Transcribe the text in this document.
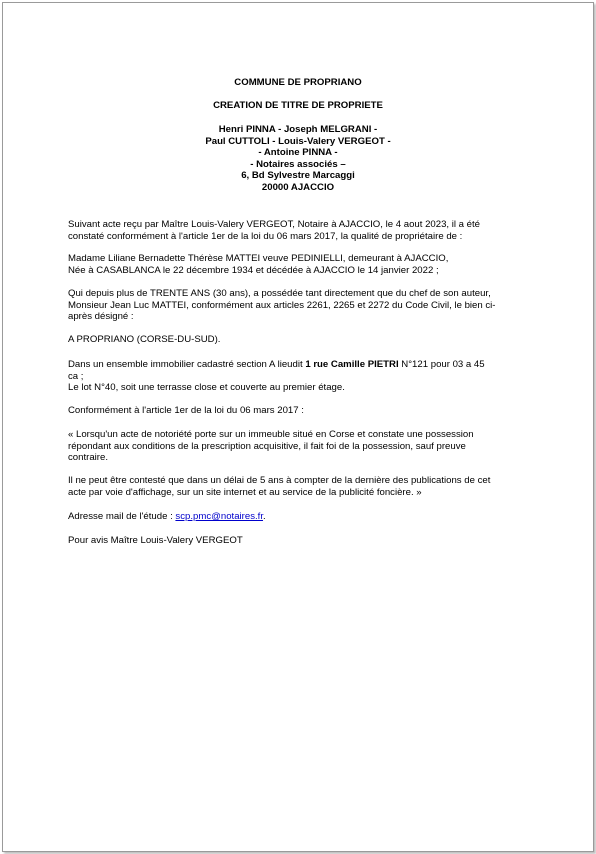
COMMUNE DE PROPRIANO
CREATION DE TITRE DE PROPRIETE
Henri PINNA - Joseph MELGRANI -
Paul CUTTOLI - Louis-Valery VERGEOT -
- Antoine PINNA -
- Notaires associés –
6, Bd Sylvestre Marcaggi
20000 AJACCIO
Suivant acte reçu par Maître Louis-Valery VERGEOT, Notaire à AJACCIO, le 4 aout 2023, il a été
constaté conformément à l'article 1er de la loi du 06 mars 2017, la qualité de propriétaire de :
Madame Liliane Bernadette Thérèse MATTEI veuve PEDINIELLI, demeurant à AJACCIO,
Née à CASABLANCA le 22 décembre 1934 et décédée à AJACCIO le 14 janvier 2022 ;
Qui depuis plus de TRENTE ANS (30 ans), a possédée tant directement que du chef de son auteur,
Monsieur Jean Luc MATTEI, conformément aux articles 2261, 2265 et 2272 du Code Civil, le bien ci-
après désigné :
A PROPRIANO (CORSE-DU-SUD).
Dans un ensemble immobilier cadastré section A lieudit 1 rue Camille PIETRI N°121 pour 03 a 45
ca ;
Le lot N°40, soit une terrasse close et couverte au premier étage.
Conformément à l'article 1er de la loi du 06 mars 2017 :
« Lorsqu'un acte de notoriété porte sur un immeuble situé en Corse et constate une possession
répondant aux conditions de la prescription acquisitive, il fait foi de la possession, sauf preuve
contraire.
Il ne peut être contesté que dans un délai de 5 ans à compter de la dernière des publications de cet
acte par voie d'affichage, sur un site internet et au service de la publicité foncière. »
Adresse mail de l'étude : scp.pmc@notaires.fr.
Pour avis Maître Louis-Valery VERGEOT
